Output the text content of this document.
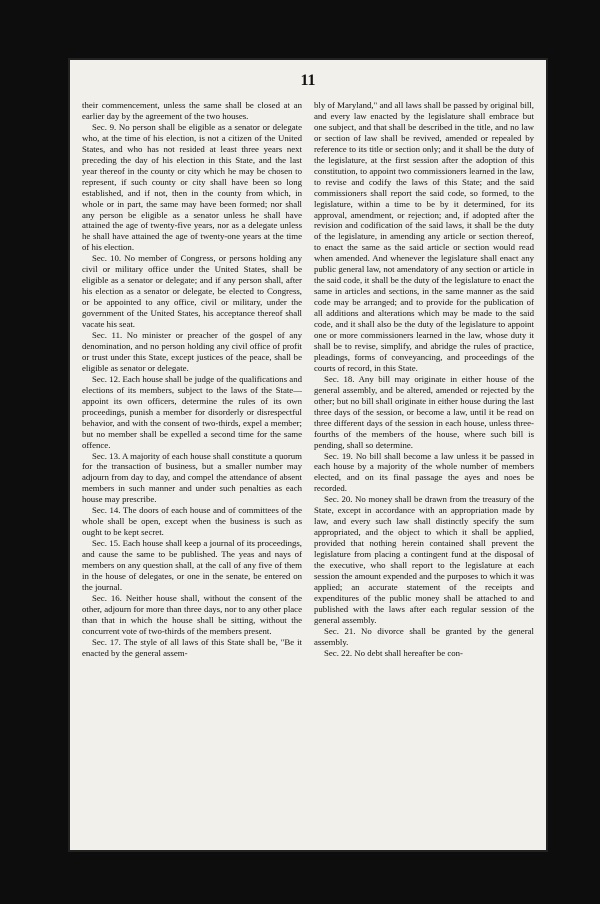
11

their commencement, unless the same shall be closed at an earlier day by the agreement of the two houses.

Sec. 9. No person shall be eligible as a senator or delegate who, at the time of his election, is not a citizen of the United States, and who has not resided at least three years next preceding the day of his election in this State, and the last year thereof in the county or city which he may be chosen to represent, if such county or city shall have been so long established, and if not, then in the county from which, in whole or in part, the same may have been formed; nor shall any person be eligible as a senator unless he shall have attained the age of twenty-five years, nor as a delegate unless he shall have attained the age of twenty-one years at the time of his election.

Sec. 10. No member of Congress, or persons holding any civil or military office under the United States, shall be eligible as a senator or delegate; and if any person shall, after his election as a senator or delegate, be elected to Congress, or be appointed to any office, civil or military, under the government of the United States, his acceptance thereof shall vacate his seat.

Sec. 11. No minister or preacher of the gospel of any denomination, and no person holding any civil office of profit or trust under this State, except justices of the peace, shall be eligible as senator or delegate.

Sec. 12. Each house shall be judge of the qualifications and elections of its members, subject to the laws of the State—appoint its own officers, determine the rules of its own proceedings, punish a member for disorderly or disrespectful behavior, and with the consent of two-thirds, expel a member; but no member shall be expelled a second time for the same offence.

Sec. 13. A majority of each house shall constitute a quorum for the transaction of business, but a smaller number may adjourn from day to day, and compel the attendance of absent members in such manner and under such penalties as each house may prescribe.

Sec. 14. The doors of each house and of committees of the whole shall be open, except when the business is such as ought to be kept secret.

Sec. 15. Each house shall keep a journal of its proceedings, and cause the same to be published. The yeas and nays of members on any question shall, at the call of any five of them in the house of delegates, or one in the senate, be entered on the journal.

Sec. 16. Neither house shall, without the consent of the other, adjourn for more than three days, nor to any other place than that in which the house shall be sitting, without the concurrent vote of two-thirds of the members present.

Sec. 17. The style of all laws of this State shall be, "Be it enacted by the general assem-

bly of Maryland," and all laws shall be passed by original bill, and every law enacted by the legislature shall embrace but one subject, and that shall be described in the title, and no law or section of law shall be revived, amended or repealed by reference to its title or section only; and it shall be the duty of the legislature, at the first session after the adoption of this constitution, to appoint two commissioners learned in the law, to revise and codify the laws of this State; and the said commissioners shall report the said code, so formed, to the legislature, within a time to be by it determined, for its approval, amendment, or rejection; and, if adopted after the revision and codification of the said laws, it shall be the duty of the legislature, in amending any article or section thereof, to enact the same as the said article or section would read when amended. And whenever the legislature shall enact any public general law, not amendatory of any section or article in the said code, it shall be the duty of the legislature to enact the same in articles and sections, in the same manner as the said code may be arranged; and to provide for the publication of all additions and alterations which may be made to the said code, and it shall also be the duty of the legislature to appoint one or more commissioners learned in the law, whose duty it shall be to revise, simplify, and abridge the rules of practice, pleadings, forms of conveyancing, and proceedings of the courts of record, in this State.

Sec. 18. Any bill may originate in either house of the general assembly, and be altered, amended or rejected by the other; but no bill shall originate in either house during the last three days of the session, or become a law, until it be read on three different days of the session in each house, unless three-fourths of the members of the house, where such bill is pending, shall so determine.

Sec. 19. No bill shall become a law unless it be passed in each house by a majority of the whole number of members elected, and on its final passage the ayes and noes be recorded.

Sec. 20. No money shall be drawn from the treasury of the State, except in accordance with an appropriation made by law, and every such law shall distinctly specify the sum appropriated, and the object to which it shall be applied, provided that nothing herein contained shall prevent the legislature from placing a contingent fund at the disposal of the executive, who shall report to the legislature at each session the amount expended and the purposes to which it was applied; an accurate statement of the receipts and expenditures of the public money shall be attached to and published with the laws after each regular session of the general assembly.

Sec. 21. No divorce shall be granted by the general assembly.

Sec. 22. No debt shall hereafter be con-
